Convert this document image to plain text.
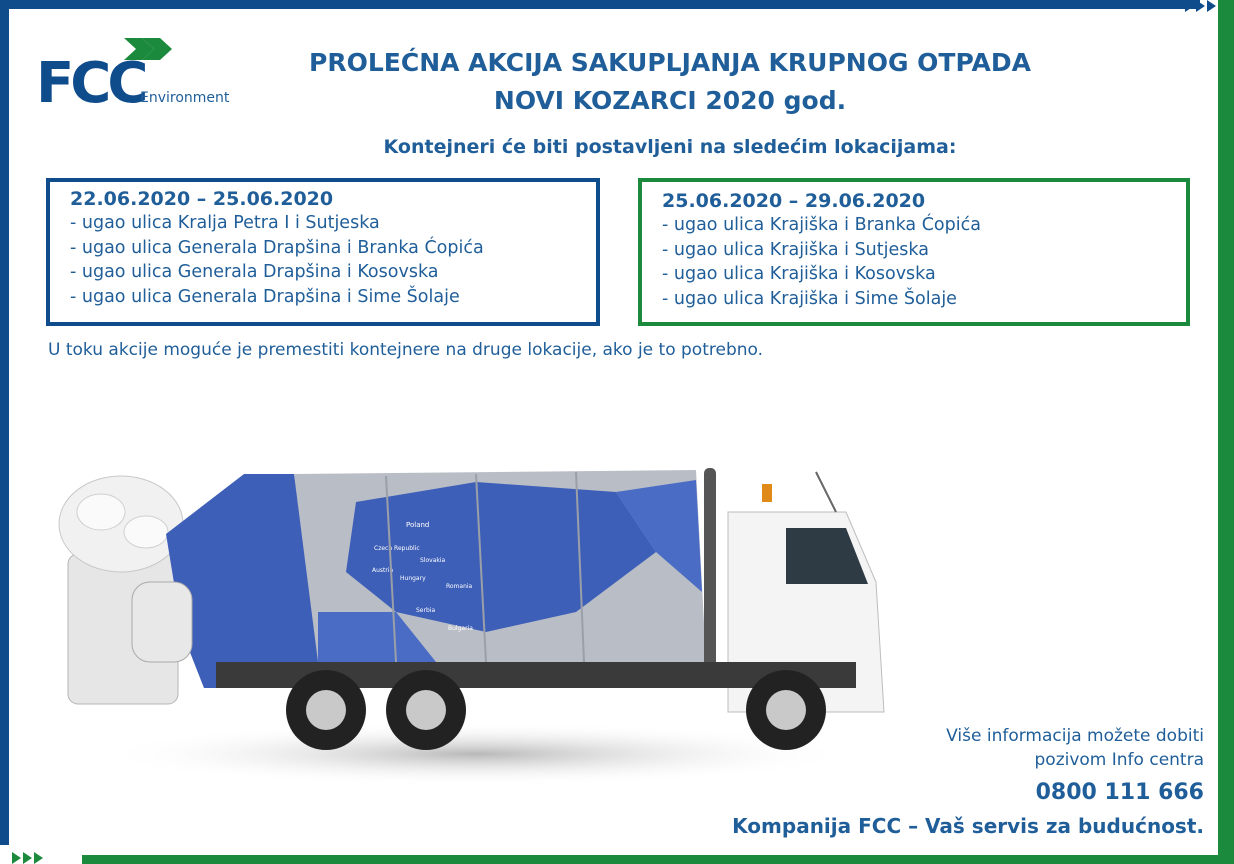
FCC
Environment
PROLEĆNA AKCIJA SAKUPLJANJA KRUPNOG OTPADA
NOVI KOZARCI 2020 god.
Kontejneri će biti postavljeni na sledećim lokacijama:
22.06.2020 – 25.06.2020
- ugao ulica Kralja Petra I i Sutjeska
- ugao ulica Generala Drapšina i Branka Ćopića
- ugao ulica Generala Drapšina i Kosovska
- ugao ulica Generala Drapšina i Sime Šolaje
25.06.2020 – 29.06.2020
- ugao ulica Krajiška i Branka Ćopića
- ugao ulica Krajiška i Sutjeska
- ugao ulica Krajiška i Kosovska
- ugao ulica Krajiška i Sime Šolaje
U toku akcije moguće je premestiti kontejnere na druge lokacije, ako je to potrebno.
Poland
Czech Republic
Slovakia
Austria
Hungary
Romania
Serbia
Bulgaria
Više informacija možete dobiti
pozivom Info centra
0800 111 666
Kompanija FCC – Vaš servis za budućnost.
